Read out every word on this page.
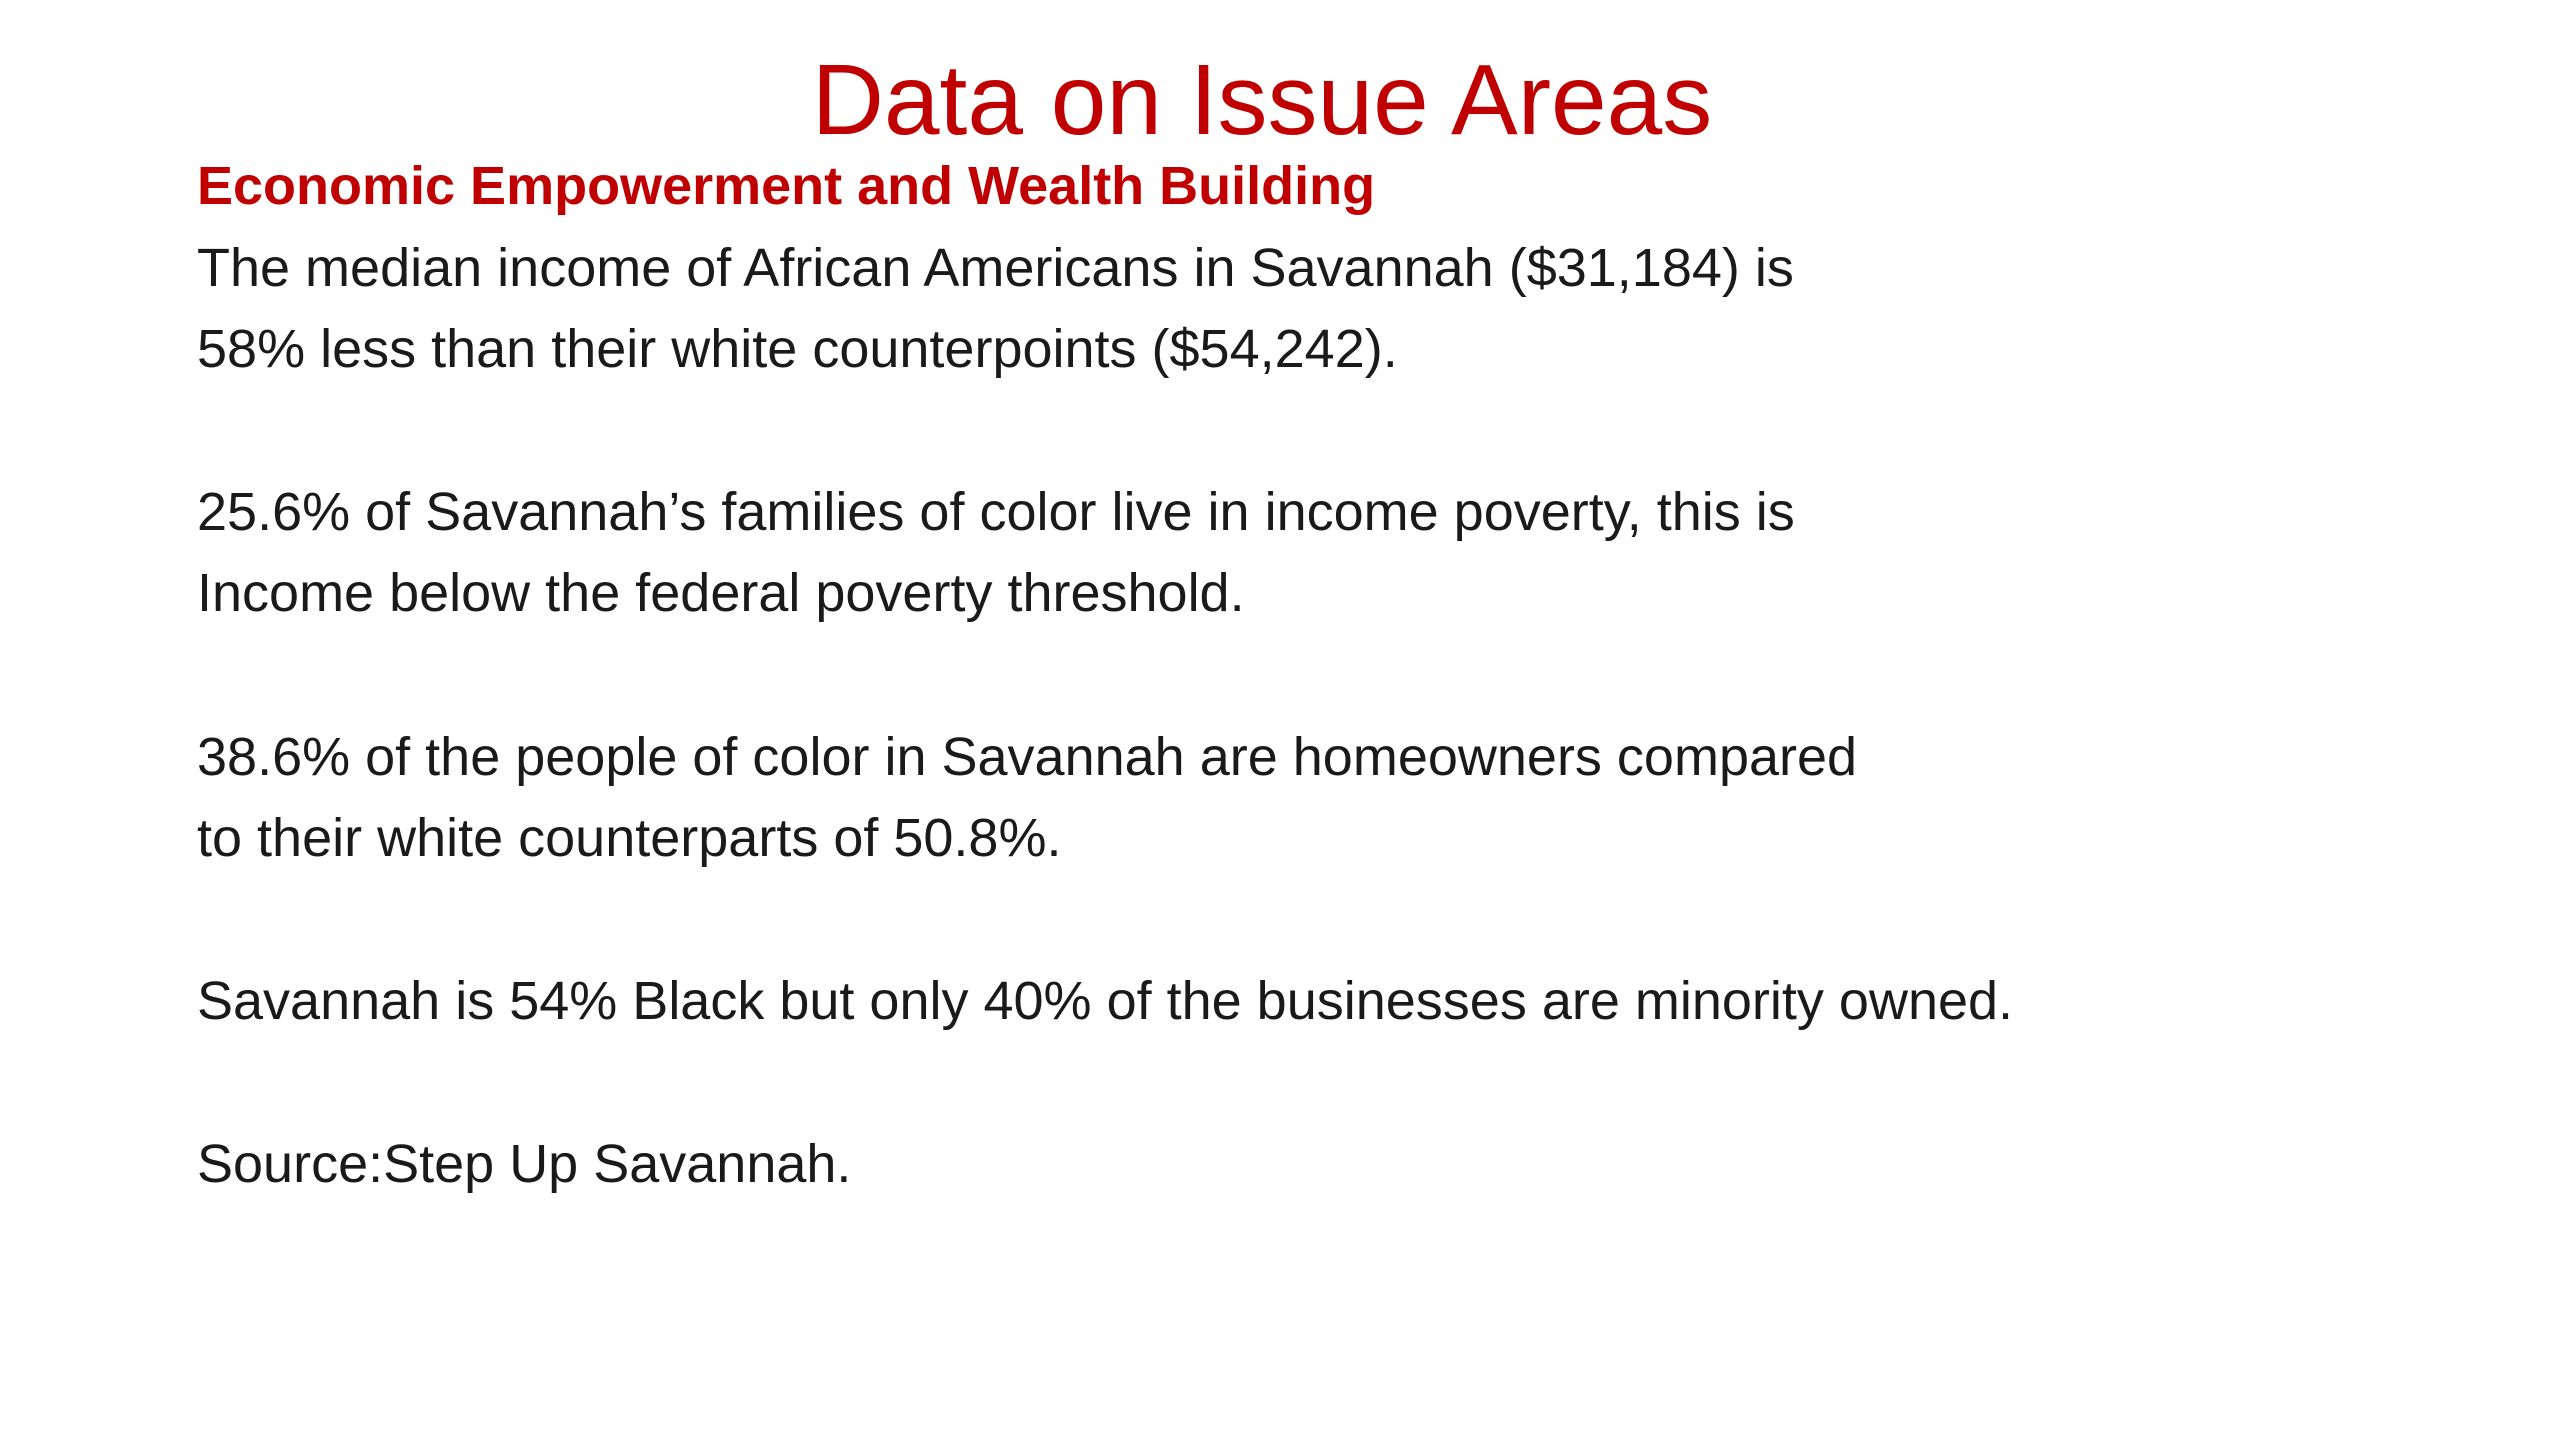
Data on Issue Areas
Economic Empowerment and Wealth Building

The median income of African Americans in Savannah ($31,184) is
58% less than their white counterpoints ($54,242).

25.6% of Savannah’s families of color live in income poverty, this is
Income below the federal poverty threshold.

38.6% of the people of color in Savannah are homeowners compared
to their white counterparts of 50.8%.

Savannah is 54% Black but only 40% of the businesses are minority owned.

Source:Step Up Savannah.
